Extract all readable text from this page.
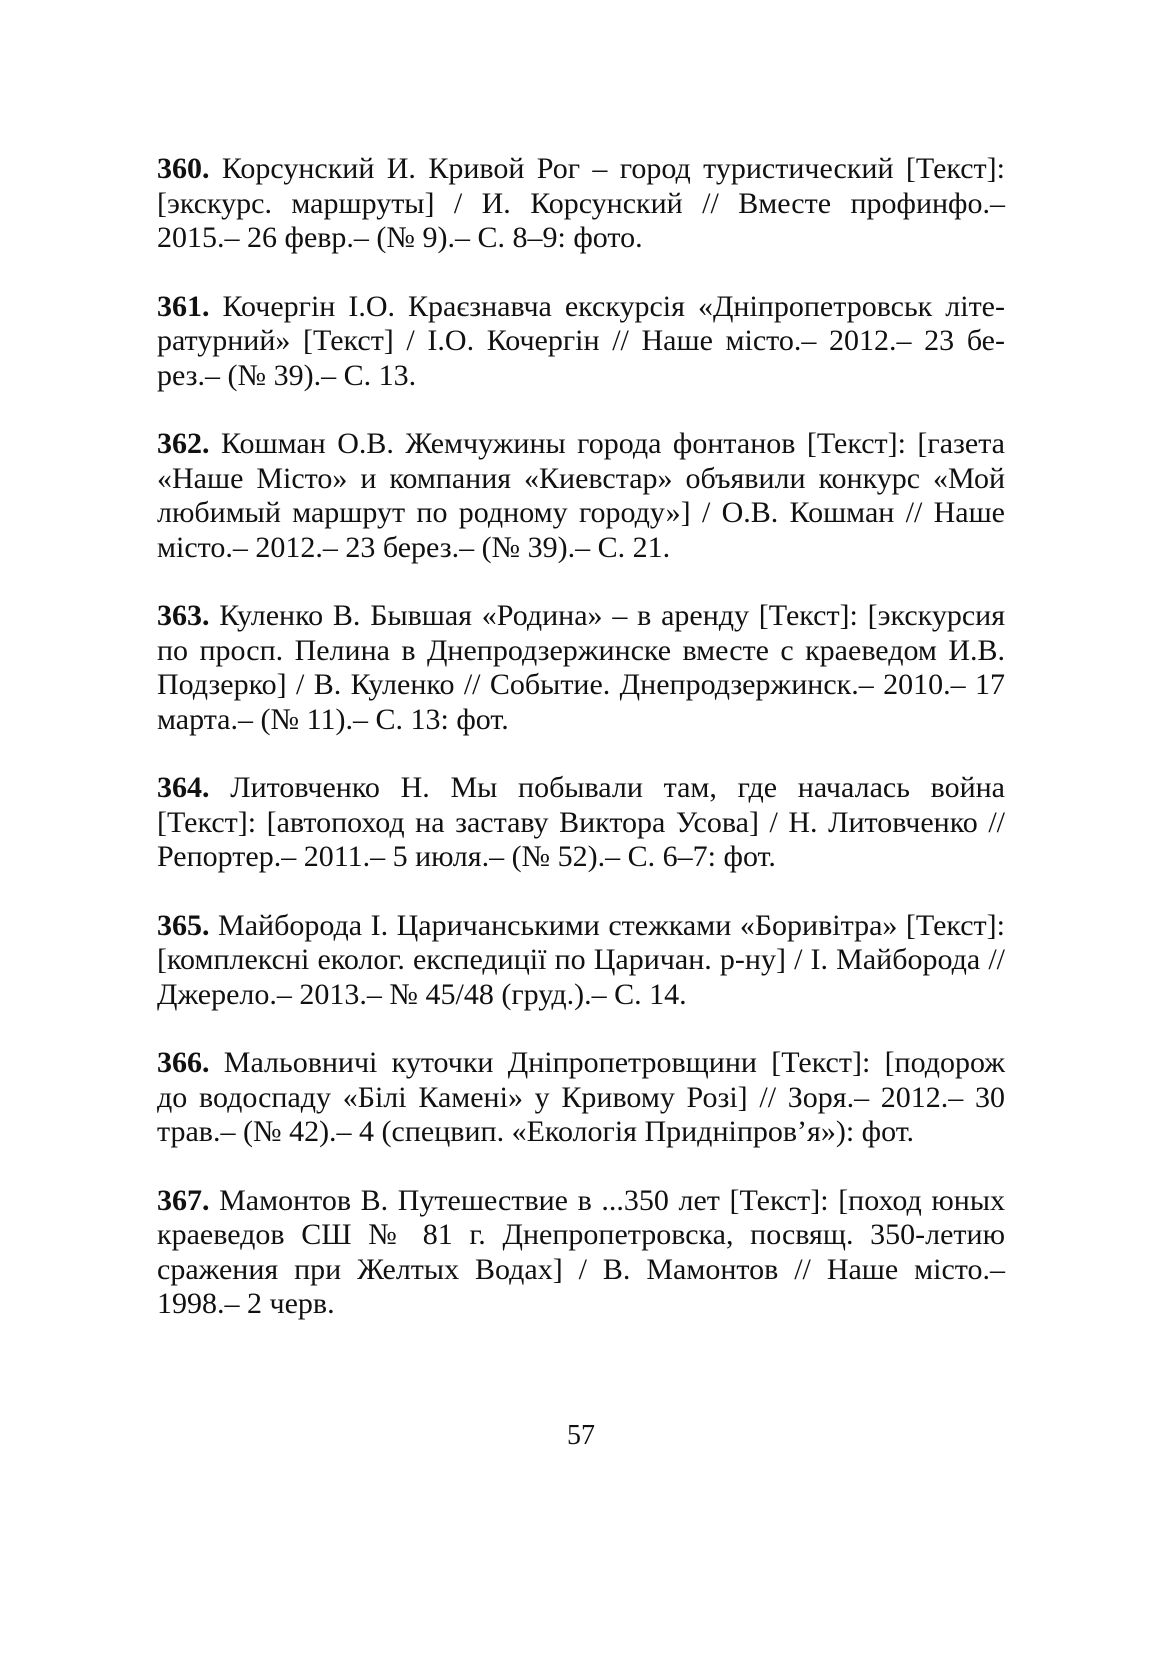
360. Корсунский И. Кривой Рог – город туристический [Текст]: [экскурс. маршруты] / И. Корсунский // Вместе профинфо.– 2015.– 26 февр.– (№ 9).– С. 8–9: фото.

361. Кочергін І.О. Краєзнавча екскурсія «Дніпропетровськ літературний» [Текст] / І.О. Кочергін // Наше місто.– 2012.– 23 берез.– (№ 39).– С. 13.

362. Кошман О.В. Жемчужины города фонтанов [Текст]: [газета «Наше Місто» и компания «Киевстар» объявили конкурс «Мой любимый маршрут по родному городу»] / О.В. Кошман // Наше місто.– 2012.– 23 берез.– (№ 39).– С. 21.

363. Куленко В. Бывшая «Родина» – в аренду [Текст]: [экскурсия по просп. Пелина в Днепродзержинске вместе с краеведом И.В. Подзерко] / В. Куленко // Событие. Днепродзержинск.– 2010.– 17 марта.– (№ 11).– С. 13: фот.

364. Литовченко Н. Мы побывали там, где началась война [Текст]: [автопоход на заставу Виктора Усова] / Н. Литовченко // Репортер.– 2011.– 5 июля.– (№ 52).– С. 6–7: фот.

365. Майборода І. Царичанськими стежками «Боривітра» [Текст]: [комплексні еколог. експедиції по Царичан. р-ну] / І. Майборода // Джерело.– 2013.– № 45/48 (груд.).– С. 14.

366. Мальовничі куточки Дніпропетровщини [Текст]: [подорож до водоспаду «Білі Камені» у Кривому Розі] // Зоря.– 2012.– 30 трав.– (№ 42).– 4 (спецвип. «Екологія Придніпров’я»): фот.

367. Мамонтов В. Путешествие в ...350 лет [Текст]: [поход юных краеведов СШ № 81 г. Днепропетровска, посвящ. 350-летию сражения при Желтых Водах] / В. Мамонтов // Наше місто.– 1998.– 2 черв.

57
